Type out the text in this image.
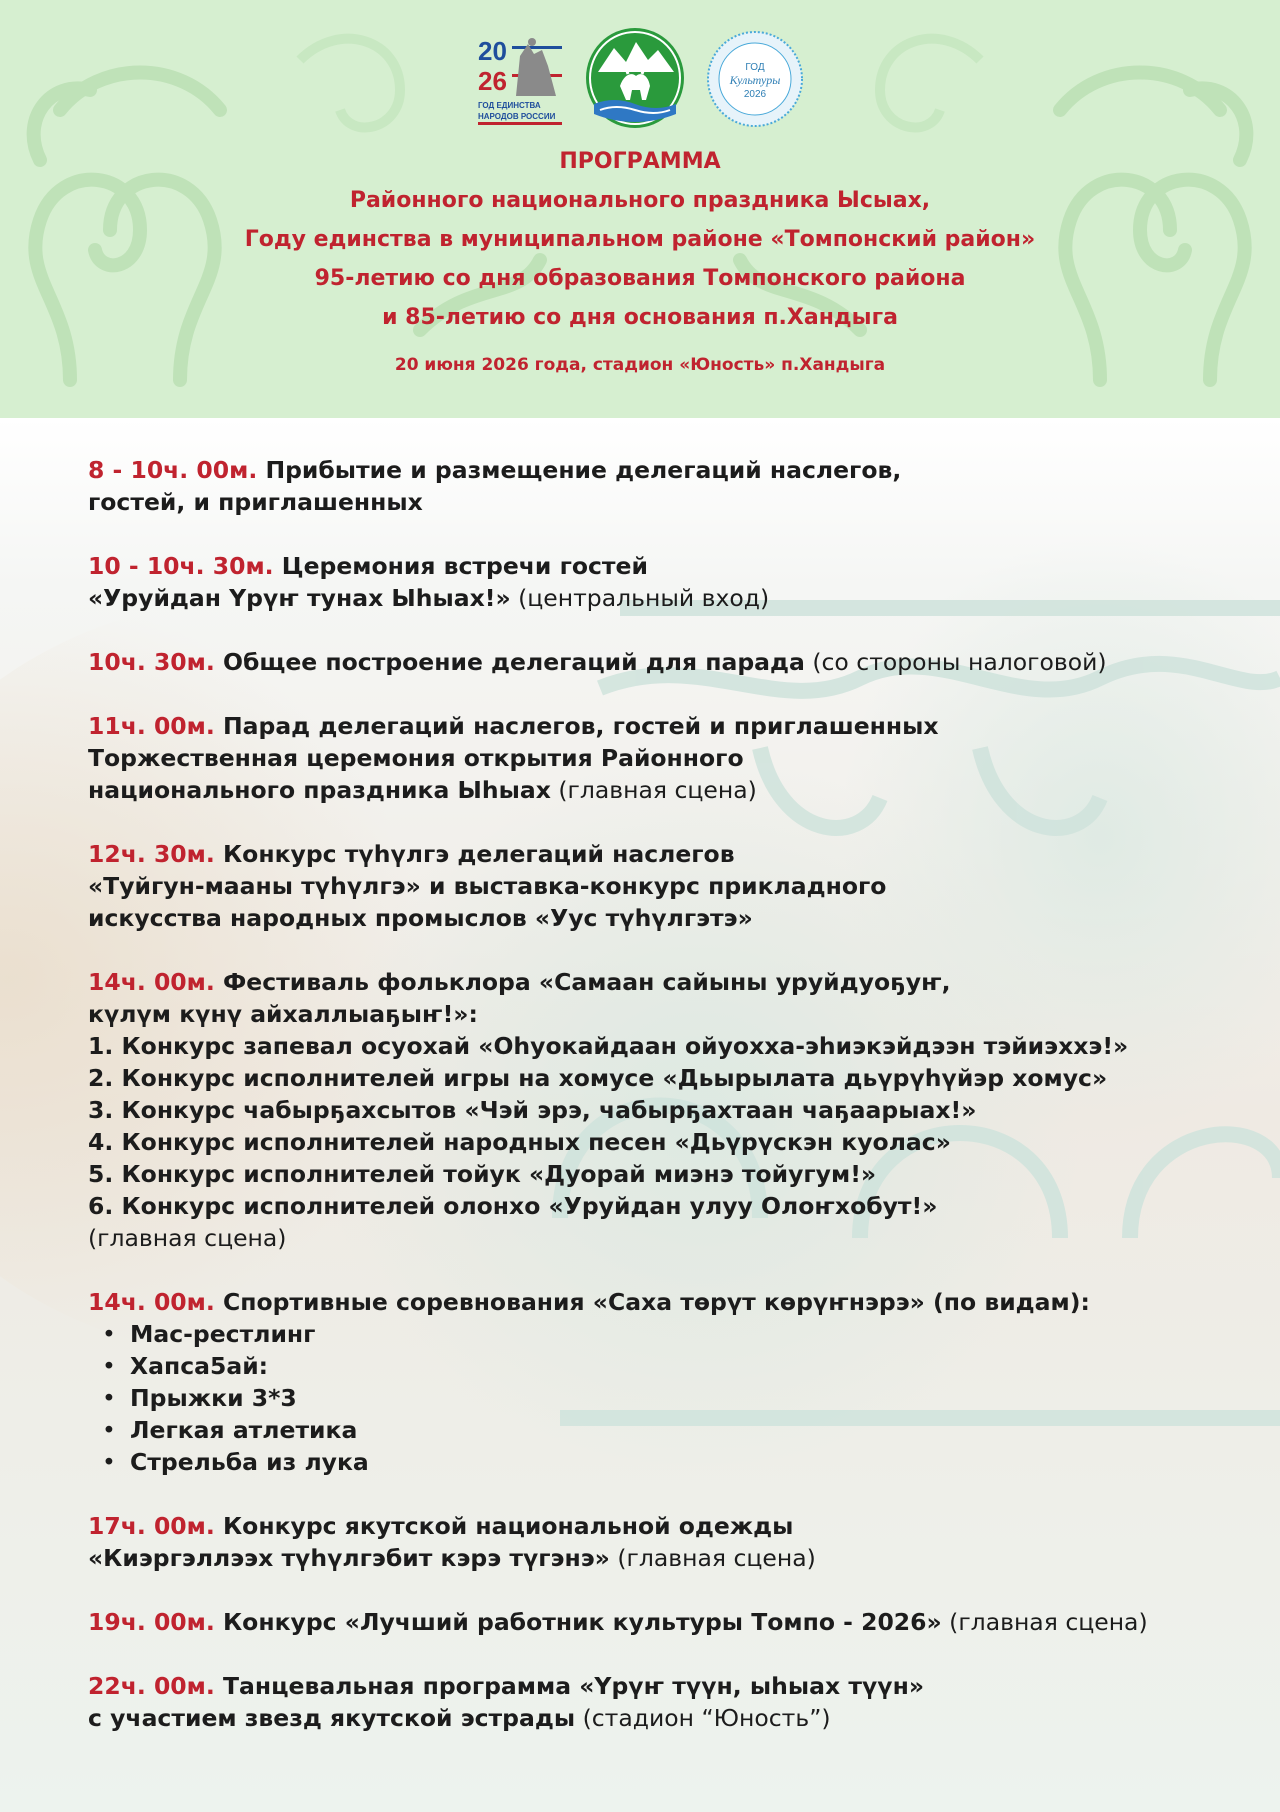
20
26
ГОД ЕДИНСТВА
НАРОДОВ РОССИИ
ГОД
Культуры
2026
ПРОГРАММА
Районного национального праздника Ысыах,
Году единства в муниципальном районе «Томпонский район»
95-летию со дня образования Томпонского района
и 85-летию со дня основания п.Хандыга
20 июня 2026 года, стадион «Юность» п.Хандыга

8 - 10ч. 00м. Прибытие и размещение делегаций наслегов,

гостей, и приглашенных

10 - 10ч. 30м. Церемония встречи гостей

«Уруйдан Үрүҥ тунах Ыһыах!» (центральный вход)

10ч. 30м. Общее построение делегаций для парада (со стороны налоговой)

11ч. 00м. Парад делегаций наслегов, гостей и приглашенных

Торжественная церемония открытия Районного

национального праздника Ыһыах (главная сцена)

12ч. 30м. Конкурс түһүлгэ делегаций наслегов

«Туйгун-мааны түһүлгэ» и выставка-конкурс прикладного

искусства народных промыслов «Уус түһүлгэтэ»

14ч. 00м. Фестиваль фольклора «Самаан сайыны уруйдуоҕуҥ,

күлүм күнү айхаллыаҕыҥ!»:

1. Конкурс запевал осуохай «Оһуокайдаан ойуохха-эһиэкэйдээн тэйиэххэ!»

2. Конкурс исполнителей игры на хомусе «Дьырылата дьүрүһүйэр хомус»

3. Конкурс чабырҕахсытов «Чэй эрэ, чабырҕахтаан чаҕаарыах!»

4. Конкурс исполнителей народных песен «Дьүрүскэн куолас»

5. Конкурс исполнителей тойук «Дуорай миэнэ тойугум!»

6. Конкурс исполнителей олонхо «Уруйдан улуу Олоҥхобут!»

(главная сцена)

14ч. 00м. Спортивные соревнования «Саха төрүт көрүҥнэрэ» (по видам):

• Мас-рестлинг
• Хапса5ай:
• Прыжки 3*3
• Легкая атлетика
• Стрельба из лука

17ч. 00м. Конкурс якутской национальной одежды

«Киэргэллээх түһүлгэбит кэрэ түгэнэ» (главная сцена)

19ч. 00м. Конкурс «Лучший работник культуры Томпо - 2026» (главная сцена)

22ч. 00м. Танцевальная программа «Үрүҥ түүн, ыһыах түүн»

с участием звезд якутской эстрады (стадион “Юность”)
